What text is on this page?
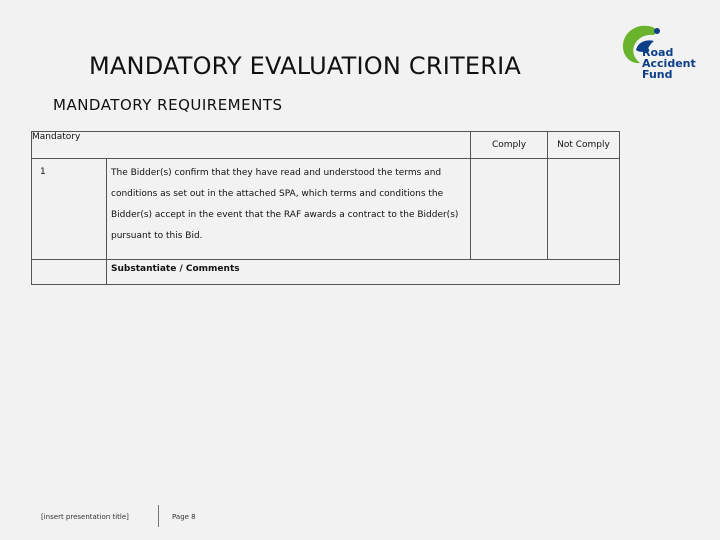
MANDATORY EVALUATION CRITERIA
MANDATORY REQUIREMENTS
Road
Accident
Fund
Mandatory		Comply	Not Comply
1	The Bidder(s) confirm that they have read and understood the terms and conditions as set out in the attached SPA, which terms and conditions the Bidder(s) accept in the event that the RAF awards a contract to the Bidder(s) pursuant to this Bid.		
	Substantiate / Comments		
[insert presentation title]	Page 8
